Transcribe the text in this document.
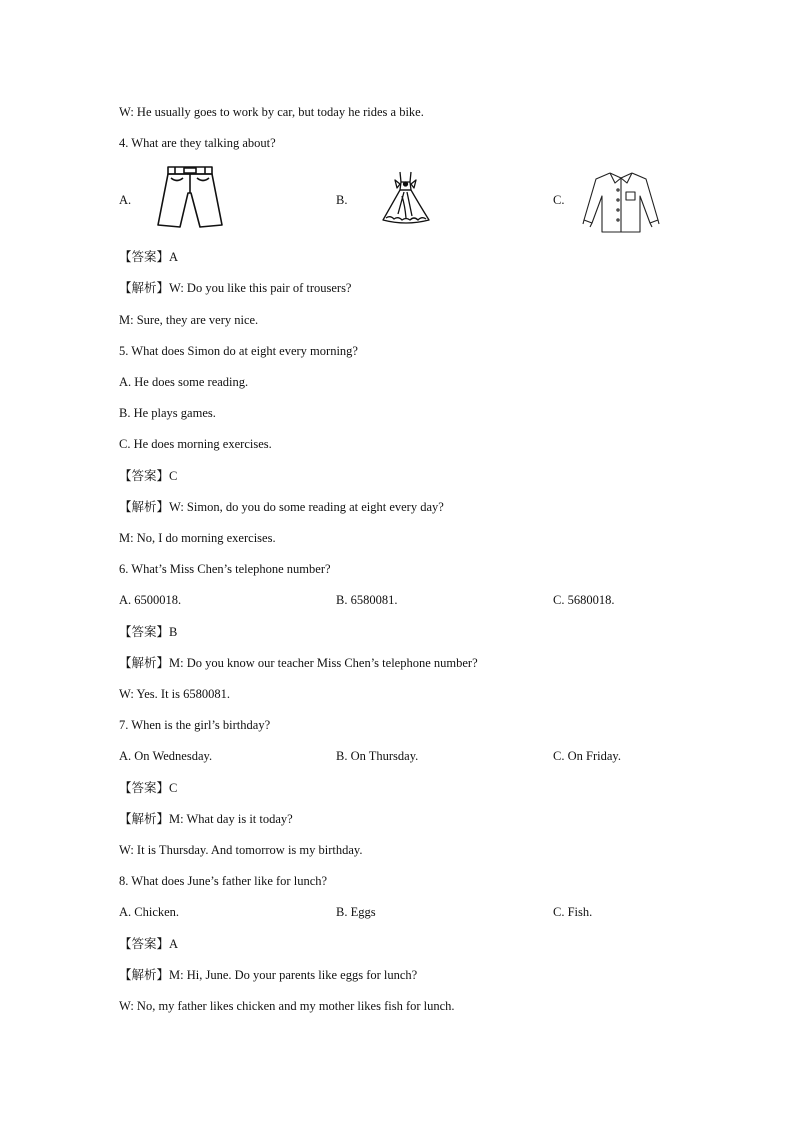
W: He usually goes to work by car, but today he rides a bike.
4. What are they talking about?
A.	B.	C.
【答案】A
【解析】W: Do you like this pair of trousers?
M: Sure, they are very nice.
5. What does Simon do at eight every morning?
A. He does some reading.
B. He plays games.
C. He does morning exercises.
【答案】C
【解析】W: Simon, do you do some reading at eight every day?
M: No, I do morning exercises.
6. What’s Miss Chen’s telephone number?
A. 6500018.	B. 6580081.	C. 5680018.
【答案】B
【解析】M: Do you know our teacher Miss Chen’s telephone number?
W: Yes. It is 6580081.
7. When is the girl’s birthday?
A. On Wednesday.	B. On Thursday.	C. On Friday.
【答案】C
【解析】M: What day is it today?
W: It is Thursday. And tomorrow is my birthday.
8. What does June’s father like for lunch?
A. Chicken.	B. Eggs	C. Fish.
【答案】A
【解析】M: Hi, June. Do your parents like eggs for lunch?
W: No, my father likes chicken and my mother likes fish for lunch.
